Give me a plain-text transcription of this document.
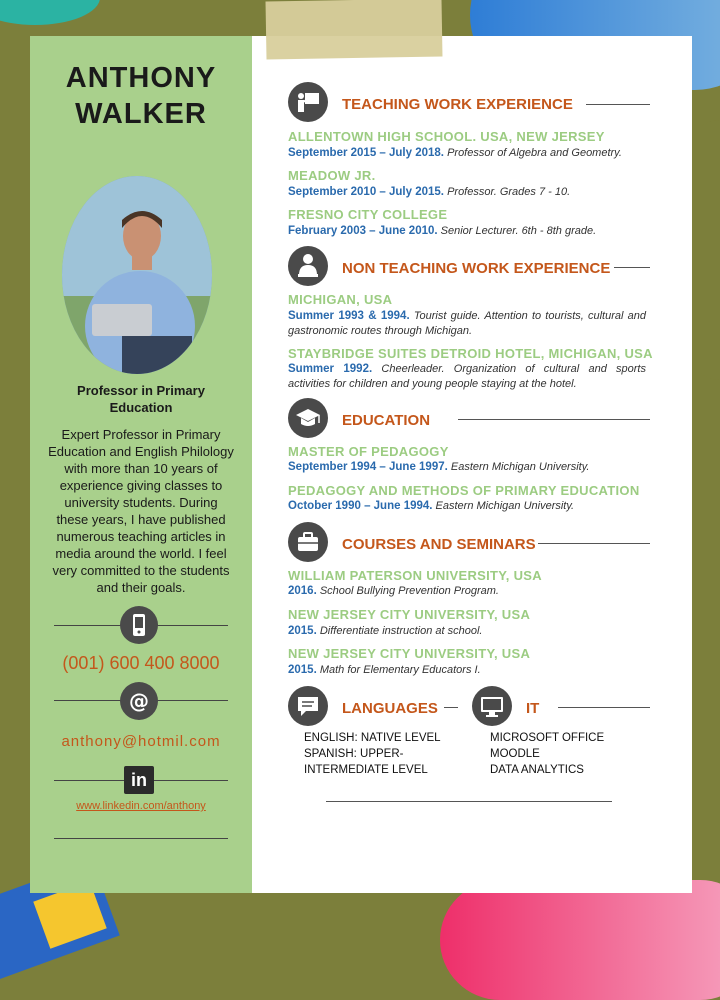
ANTHONY
WALKER
Professor in Primary Education
Expert Professor in Primary Education and English Philology with more than 10 years of experience giving classes to university students. During these years, I have published numerous teaching articles in media around the world. I feel very committed to the students and their goals.
(001) 600 400 8000
@
anthony@hotmil.com
in
www.linkedin.com/anthony
TEACHING WORK EXPERIENCE
ALLENTOWN HIGH SCHOOL. USA, NEW JERSEY
September 2015 – July 2018. Professor of Algebra and Geometry.
MEADOW JR.
September 2010 – July 2015. Professor. Grades 7 - 10.
FRESNO CITY COLLEGE
February 2003 – June 2010. Senior Lecturer. 6th - 8th grade.
NON TEACHING WORK EXPERIENCE
MICHIGAN, USA
Summer 1993 & 1994. Tourist guide. Attention to tourists, cultural and gastronomic routes through Michigan.
STAYBRIDGE SUITES DETROID HOTEL, MICHIGAN, USA
Summer 1992. Cheerleader. Organization of cultural and sports activities for children and young people staying at the hotel.
EDUCATION
MASTER OF PEDAGOGY
September 1994 – June 1997. Eastern Michigan University.
PEDAGOGY AND METHODS OF PRIMARY EDUCATION
October 1990 – June 1994. Eastern Michigan University.
COURSES AND SEMINARS
WILLIAM PATERSON UNIVERSITY, USA
2016. School Bullying Prevention Program.
NEW JERSEY CITY UNIVERSITY, USA
2015. Differentiate instruction at school.
NEW JERSEY CITY UNIVERSITY, USA
2015. Math for Elementary Educators I.
LANGUAGES	IT
ENGLISH: NATIVE LEVEL
SPANISH: UPPER-
INTERMEDIATE LEVEL
MICROSOFT OFFICE
MOODLE
DATA ANALYTICS
